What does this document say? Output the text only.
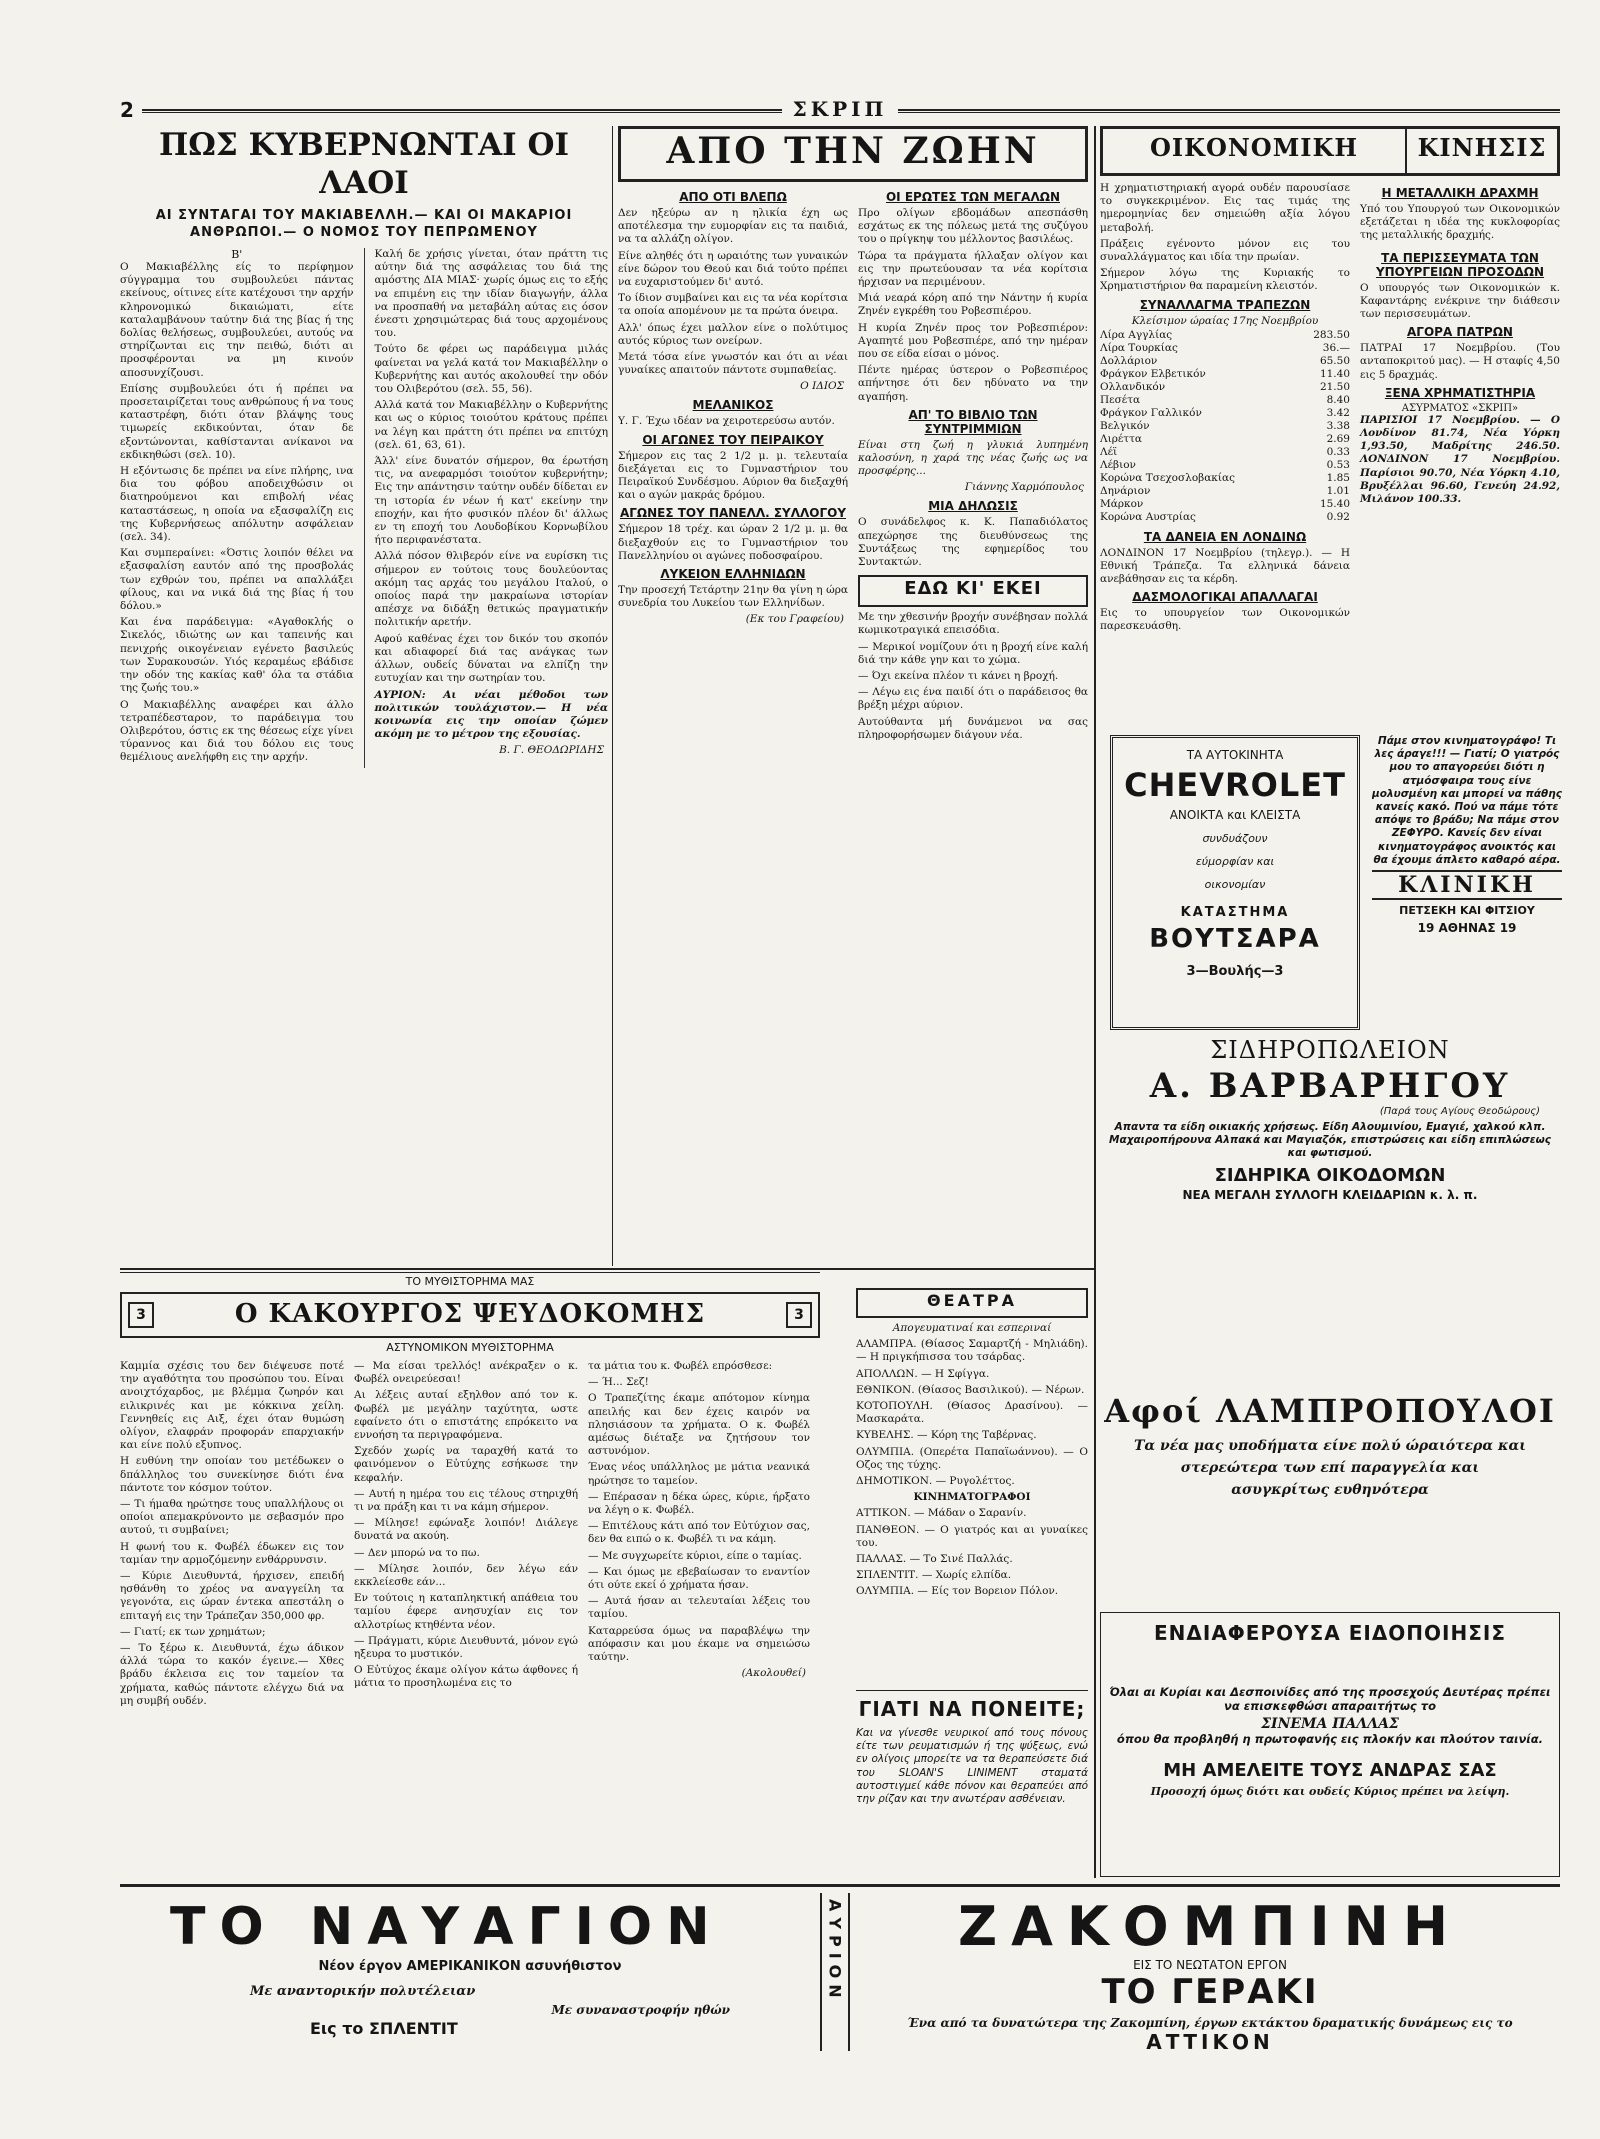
2	ΣΚΡΙΠ
ΠΩΣ ΚΥΒΕΡΝΩΝΤΑΙ ΟΙ ΛΑΟΙ
ΑΙ ΣΥΝΤΑΓΑΙ ΤΟΥ ΜΑΚΙΑΒΕΛΛΗ.— ΚΑΙ ΟΙ ΜΑΚΑΡΙΟΙ
ΑΝΘΡΩΠΟΙ.— Ο ΝΟΜΟΣ ΤΟΥ ΠΕΠΡΩΜΕΝΟΥ
Β'

Ο Μακιαβέλλης είς το περίφημον σύγγραμμα του συμβουλεύει πάντας εκείνους, οίτινες είτε κατέχουσι την αρχήν κληρονομικώ δικαιώματι, είτε καταλαμβάνουν ταύτην διά της βίας ή της δολίας θελήσεως, συμβουλεύει, αυτούς να στηρίζωνται εις την πειθώ, διότι αι προσφέρονται να μη κινούν αποσυνχίζουσι.

Επίσης συμβουλεύει ότι ή πρέπει να προσεταιρίζεται τους ανθρώπους ή να τους καταστρέφη, διότι όταν βλάψης τους τιμωρείς εκδικούνται, όταν δε εξοντώνονται, καθίστανται ανίκανοι να εκδικηθώσι (σελ. 10).

Η εξόντωσις δε πρέπει να είνε πλήρης, ινα δια του φόβου αποδειχθώσιν οι διατηρούμενοι και επιβολή νέας καταστάσεως, η οποία να εξασφαλίζη εις της Κυβερνήσεως απόλυτην ασφάλειαν (σελ. 34).

Και συμπεραίνει: «Όστις λοιπόν θέλει να εξασφαλίση εαυτόν από της προσβολάς των εχθρών του, πρέπει να απαλλάξει φίλους, και να νικά διά της βίας ή του δόλου.»

Και ένα παράδειγμα: «Αγαθοκλής ο Σικελός, ιδιώτης ων και ταπεινής και πενιχρής οικογένειαν εγένετο βασιλεύς των Συρακουσών. Υιός κεραμέως εβάδισε την οδόν της κακίας καθ' όλα τα στάδια της ζωής του.»

Ο Μακιαβέλλης αναφέρει και άλλο τετραπέδεσταρον, το παράδειγμα του Ολιβερότου, όστις εκ της θέσεως είχε γίνει τύραννος και διά του δόλου εις τους θεμέλιους ανελήφθη εις την αρχήν.

Καλή δε χρήσις γίνεται, όταν πράττη τις αύτην διά της ασφάλειας του διά της αμόστης ΔΙΑ ΜΙΑΣ· χωρίς όμως εις το εξής να επιμένη εις την ιδίαν διαγωγήν, άλλα να προσπαθή να μεταβάλη αύτας εις όσον ένεστι χρησιμώτερας διά τους αρχομένους του.

Τούτο δε φέρει ως παράδειγμα μιλάς φαίνεται να γελά κατά τον Μακιαβέλλην ο Κυβερνήτης και αυτός ακολουθεί την οδόν του Ολιβερότου (σελ. 55, 56).

Αλλά κατά τον Μακιαβέλλην ο Κυβερνήτης και ως ο κύριος τοιούτου κράτους πρέπει να λέγη και πράττη ότι πρέπει να επιτύχη (σελ. 61, 63, 61).

Άλλ' είνε δυνατόν σήμερον, θα έρωτήση τις, να ανεφαρμόσι τοιούτον κυβερνήτην; Εις την απάντησιν ταύτην ουδέν δίδεται εν τη ιστορία έν νέων ή κατ' εκείνην την εποχήν, και ήτο φυσικόν πλέον δι' άλλως εν τη εποχή του Λουδοβίκου Κορνωβίλου ήτο περιφανέστατα.

Αλλά πόσον θλιβερόν είνε να ευρίσκη τις σήμερον εν τούτοις τους δουλεύοντας ακόμη τας αρχάς του μεγάλου Ιταλού, ο οποίος παρά την μακραίωνα ιστορίαν απέσχε να διδάξη θετικώς πραγματικήν πολιτικήν αρετήν.

Αφού καθένας έχει τον δικόν του σκοπόν και αδιαφορεί διά τας ανάγκας των άλλων, ουδείς δύναται να ελπίζη την ευτυχίαν και την σωτηρίαν του.

ΑΥΡΙΟΝ: Αι νέαι μέθοδοι των πολιτικών τουλάχιστον.— Η νέα κοινωνία εις την οποίαν ζώμεν ακόμη με το μέτρον της εξουσίας.

Β. Γ. ΘΕΟΔΩΡΙΔΗΣ
ΤΟ ΜΥΘΙΣΤΟΡΗΜΑ ΜΑΣ
3	Ο ΚΑΚΟΥΡΓΟΣ ΨΕΥΔΟΚΟΜΗΣ	3
ΑΣΤΥΝΟΜΙΚΟΝ ΜΥΘΙΣΤΟΡΗΜΑ

Καμμία σχέσις του δεν διέψευσε ποτέ την αγαθότητα του προσώπου του. Είναι ανοιχτόχαρδος, με βλέμμα ζωηρόν και ειλικρινές και με κόκκινα χείλη. Γεννηθείς εις Αιξ, έχει όταν θυμώση ολίγον, ελαφράν προφοράν επαρχιακήν και είνε πολύ εξυπνος.

Η ευθύνη την οποίαν του μετέδωκεν ο δπάλληλος του συνεκίνησε διότι ένα πάντοτε τον κόσμον τούτον.

— Τι ήμαθα ηρώτησε τους υπαλλήλους οι οποίοι απεμακρύνοντο με σεβασμόν προ αυτού, τι συμβαίνει;

Η φωνή του κ. Φωβέλ έδωκεν εις τον ταμίαν την αρμοζόμενην ενθάρρυνσιν.

— Κύριε Διευθυντά, ήρχισεν, επειδή ησθάνθη το χρέος να αναγγείλη τα γεγονότα, εις ώραν έντεκα απεστάλη ο επιταγή εις την Τράπεζαν 350,000 φρ.

— Γιατί; εκ των χρημάτων;

— Το ξέρω κ. Διευθυντά, έχω άδικον άλλά τώρα το κακόν έγεινε.— Χθες βράδυ έκλεισα εις τον ταμείον τα χρήματα, καθώς πάντοτε ελέγχω διά να μη συμβή ουδέν.

— Μα είσαι τρελλός! ανέκραξεν ο κ. Φωβέλ ονειρεύεσαι!

Αι λέξεις αυταί εξηλθον από τον κ. Φωβέλ με μεγάλην ταχύτητα, ωστε εφαίνετο ότι ο επιστάτης επρόκειτο να εννοήση τα περιγραφόμενα.

Σχεδόν χωρίς να ταραχθή κατά το φαινόμενον ο Εὐτύχης εσήκωσε την κεφαλήν.

— Αυτή η ημέρα του εις τέλους στηριχθή τι να πράξη και τι να κάμη σήμερον.

— Μίλησε! εφώναξε λοιπόν! Διάλεγε δυνατά να ακούη.

— Δεν μπορώ να το πω.

— Μίλησε λοιπόν, δεν λέγω εάν εκκλείεσθε εάν...

Εν τούτοις η καταπληκτική απάθεια του ταμίου έφερε ανησυχίαν εις τον αλλοτρίως κτηθέντα νέον.

— Πράγματι, κύριε Διευθυντά, μόνον εγώ ηξευρα το μυστικόν.

Ο Εὐτύχος έκαμε ολίγον κάτω άφθονες ή μάτια το προσηλωμένα εις το

τα μάτια του κ. Φωβέλ επρόσθεσε:

— Ή... Σεζ!

Ο Τραπεζίτης έκαμε απότομον κίνημα απειλής και δεν έχεις καιρόν να πλησιάσουν τα χρήματα. Ο κ. Φωβέλ αμέσως διέταξε να ζητήσουν τον αστυνόμον.

Ένας νέος υπάλληλος με μάτια νεανικά ηρώτησε το ταμείον.

— Επέρασαν η δέκα ώρες, κύριε, ήρξατο να λέγη ο κ. Φωβέλ.

— Επιτέλους κάτι από τον Εὐτύχιον σας, δεν θα ειπώ ο κ. Φωβέλ τι να κάμη.

— Με συγχωρείτε κύριοι, είπε ο ταμίας.

— Και όμως με εβεβαίωσαν το εναντίον ότι ούτε εκεί ό χρήματα ήσαν.

— Αυτά ήσαν αι τελευταίαι λέξεις του ταμίου.

Καταρρεύσα όμως να παραβλέψω την απόφασιν και μου έκαμε να σημειώσω ταύτην.

(Ακολουθεί)
ΑΠΟ ΤΗΝ ΖΩΗΝ
ΑΠΟ ΟΤΙ ΒΛΕΠΩ

Δεν ηξεύρω αν η ηλικία έχη ως αποτέλεσμα την ευμορφίαν εις τα παιδιά, να τα αλλάζη ολίγον.

Είνε αληθές ότι η ωραιότης των γυναικών είνε δώρον του Θεού και διά τούτο πρέπει να ευχαριστούμεν δι' αυτό.

Το ίδιον συμβαίνει και εις τα νέα κορίτσια τα οποία απομένουν με τα πρώτα όνειρα.

Αλλ' όπως έχει μαλλον είνε ο πολύτιμος αυτός κύριος των ονείρων.

Μετά τόσα είνε γνωστόν και ότι αι νέαι γυναίκες απαιτούν πάντοτε συμπαθείας.

Ο ΙΔΙΟΣ
ΜΕΛΑΝΙΚΟΣ

Υ. Γ. Έχω ιδέαν να χειροτερεύσω αυτόν.

ΟΙ ΑΓΩΝΕΣ ΤΟΥ ΠΕΙΡΑΙΚΟΥ

Σήμερον εις τας 2 1/2 μ. μ. τελευταία διεξάγεται εις το Γυμναστήριον του Πειραϊκού Συνδέσμου. Αύριον θα διεξαχθή και ο αγών μακράς δρόμου.

ΑΓΩΝΕΣ ΤΟΥ ΠΑΝΕΛΛ. ΣΥΛΛΟΓΟΥ

Σήμερον 18 τρέχ. και ώραν 2 1/2 μ. μ. θα διεξαχθούν εις το Γυμναστήριον του Πανελληνίου οι αγώνες ποδοσφαίρου.

ΛΥΚΕΙΟΝ ΕΛΛΗΝΙΔΩΝ

Την προσεχή Τετάρτην 21ην θα γίνη η ώρα συνεδρία του Λυκείου των Ελληνίδων.

(Εκ του Γραφείου)
ΟΙ ΕΡΩΤΕΣ ΤΩΝ ΜΕΓΑΛΩΝ

Προ ολίγων εβδομάδων απεσπάσθη εσχάτως εκ της πόλεως μετά της συζύγου του ο πρίγκηψ του μέλλοντος βασιλέως.

Τώρα τα πράγματα ήλλαξαν ολίγον και εις την πρωτεύουσαν τα νέα κορίτσια ήρχισαν να περιμένουν.

Μιά νεαρά κόρη από την Νάντην ή κυρία Ζηνέν εγκρέθη του Ροβεσπιέρου.

Η κυρία Ζηνέν προς τον Ροβεσπιέρον: Αγαπητέ μου Ροβεσπιέρε, από την ημέραν που σε είδα είσαι ο μόνος.

Πέντε ημέρας ύστερον ο Ροβεσπιέρος απήντησε ότι δεν ηδύνατο να την αγαπήση.

ΑΠ' ΤΟ ΒΙΒΛΙΟ ΤΩΝ ΣΥΝΤΡΙΜΜΙΩΝ

Είναι στη ζωή η γλυκιά λυπημένη καλοσύνη, η χαρά της νέας ζωής ως να προσφέρης...

Γιάννης Χαρμόπουλος
ΜΙΑ ΔΗΛΩΣΙΣ

Ο συνάδελφος κ. Κ. Παπαδιόλατος απεχώρησε της διευθύνσεως της Συντάξεως της εφημερίδος του Συντακτών.

ΕΔΩ ΚΙ' ΕΚΕΙ

Με την χθεσινήν βροχήν συνέβησαν πολλά κωμικοτραγικά επεισόδια.

— Μερικοί νομίζουν ότι η βροχή είνε καλή διά την κάθε γην και το χώμα.

— Όχι εκείνα πλέον τι κάνει η βροχή.

— Λέγω εις ένα παιδί ότι ο παράδεισος θα βρέξη μέχρι αύριον.

Αυτούθαντα μή δυνάμενοι να σας πληροφορήσωμεν διάγουν νέα.

ΘΕΑΤΡΑ

Απογευματιναί και εσπεριναί

ΑΛΑΜΠΡΑ. (Θίασος Σαμαρτζή - Μηλιάδη). — Η πριγκήπισσα του τσάρδας.

ΑΠΟΛΛΩΝ. — Η Σφίγγα.

ΕΘΝΙΚΟΝ. (Θίασος Βασιλικού). — Νέρων.

ΚΟΤΟΠΟΥΛΗ. (Θίασος Δρασίνου). — Μασκαράτα.

ΚΥΒΕΛΗΣ. — Κόρη της Ταβέρνας.

ΟΛΥΜΠΙΑ. (Οπερέτα Παπαϊωάννου). — Ο Οζος της τύχης.

ΔΗΜΟΤΙΚΟΝ. — Ρυγολέττος.

ΚΙΝΗΜΑΤΟΓΡΑΦΟΙ

ΑΤΤΙΚΟΝ. — Μάδαν ο Σαρανίν.

ΠΑΝΘΕΟΝ. — Ο γιατρός και αι γυναίκες του.

ΠΑΛΛΑΣ. — Το Σινέ Παλλάς.

ΣΠΛΕΝΤΙΤ. — Χωρίς ελπίδα.

ΟΛΥΜΠΙΑ. — Είς τον Βορειον Πόλον.

ΓΙΑΤΙ ΝΑ ΠΟΝΕΙΤΕ;

Και να γίνεσθε νευρικοί από τους πόνους είτε των ρευματισμών ή της ψύξεως, ενώ εν ολίγοις μπορείτε να τα θεραπεύσετε διά του SLOAN'S LINIMENT σταματά αυτοστιγμεί κάθε πόνον και θεραπεύει από την ρίζαν και την ανωτέραν ασθένειαν.

ΟΙΚΟΝΟΜΙΚΗ	ΚΙΝΗΣΙΣ

Η χρηματιστηριακή αγορά ουδέν παρουσίασε το συγκεκριμένον. Εις τας τιμάς της ημερομηνίας δεν σημειώθη αξία λόγου μεταβολή.

Πράξεις εγένοντο μόνον εις του συναλλάγματος και ιδία την πρωίαν.

Σήμερον λόγω της Κυριακής το Χρηματιστήριον θα παραμείνη κλειστόν.

ΣΥΝΑΛΛΑΓΜΑ ΤΡΑΠΕΖΩΝ
Κλείσιμον ώραίας 17ης Νοεμβρίου
Λίρα Αγγλίας	283.50
Λίρα Τουρκίας	36.—
Δολλάριον	65.50
Φράγκον Ελβετικόν	11.40
Ολλανδικόν	21.50
Πεσέτα	8.40
Φράγκον Γαλλικόν	3.42
Βελγικόν	3.38
Λιρέττα	2.69
Λέϊ	0.33
Λέβιον	0.53
Κορώνα Τσεχοσλοβακίας	1.85
Δηνάριον	1.01
Μάρκον	15.40
Κορώνα Αυστρίας	0.92
ΤΑ ΔΑΝΕΙΑ ΕΝ ΛΟΝΔΙΝΩ

ΛΟΝΔΙΝΟΝ 17 Νοεμβρίου (τηλεγρ.). — Η Εθνική Τράπεζα. Τα ελληνικά δάνεια ανεβάθησαν εις τα κέρδη.

ΔΑΣΜΟΛΟΓΙΚΑΙ ΑΠΑΛΛΑΓΑΙ

Εις το υπουργείον των Οικονομικών παρεσκευάσθη.

Η ΜΕΤΑΛΛΙΚΗ ΔΡΑΧΜΗ

Υπό του Υπουργού των Οικονομικών εξετάζεται η ιδέα της κυκλοφορίας της μεταλλικής δραχμής.

ΤΑ ΠΕΡΙΣΣΕΥΜΑΤΑ ΤΩΝ ΥΠΟΥΡΓΕΙΩΝ ΠΡΟΣΟΔΩΝ

Ο υπουργός των Οικονομικών κ. Καφαντάρης ενέκρινε την διάθεσιν των περισσευμάτων.

ΑΓΟΡΑ ΠΑΤΡΩΝ

ΠΑΤΡΑΙ 17 Νοεμβρίου. (Του ανταποκριτού μας). — Η σταφίς 4,50 εις 5 δραχμάς.

ΞΕΝΑ ΧΡΗΜΑΤΙΣΤΗΡΙΑ
ΑΣΥΡΜΑΤΟΣ «ΣΚΡΙΠ»

ΠΑΡΙΣΙΟΙ 17 Νοεμβρίου. — Ο Λονδίνον 81.74, Νέα Υόρκη 1,93.50, Μαδρίτης 246.50. ΛΟΝΔΙΝΟΝ 17 Νοεμβρίου. Παρίσιοι 90.70, Νέα Υόρκη 4.10, Βρυξέλλαι 96.60, Γενεύη 24.92, Μιλάνον 100.33.

ΤΑ ΑΥΤΟΚΙΝΗΤΑ
CHEVROLET
ΑΝΟΙΚΤΑ και ΚΛΕΙΣΤΑ
συνδυάζουν
εύμορφίαν και
οικονομίαν
ΚΑΤΑΣΤΗΜΑ
ΒΟΥΤΣΑΡΑ
3—Βουλής—3

Πάμε στον κινηματογράφο! Τι λες άραγε!!! — Γιατί; Ο γιατρός μου το απαγορεύει διότι η ατμόσφαιρα τους είνε μολυσμένη και μπορεί να πάθης κανείς κακό. Πού να πάμε τότε απόψε το βράδυ; Να πάμε στον ΖΕΦΥΡΟ. Κανείς δεν είναι κινηματογράφος ανοικτός και θα έχουμε άπλετο καθαρό αέρα.

ΚΛΙΝΙΚΗ
ΠΕΤΣΕΚΗ ΚΑΙ ΦΙΤΣΙΟΥ
19 ΑΘΗΝΑΣ 19
ΣΙΔΗΡΟΠΩΛΕΙΟΝ
Α. ΒΑΡΒΑΡΗΓΟΥ
(Παρά τους Αγίους Θεοδώρους)

Απαντα τα είδη οικιακής χρήσεως. Είδη Αλουμινίου, Εμαγιέ, χαλκού κλπ. Μαχαιροπήρουνα Αλπακά και Μαγιαζόκ, επιστρώσεις και είδη επιπλώσεως και φωτισμού.

ΣΙΔΗΡΙΚΑ ΟΙΚΟΔΟΜΩΝ
ΝΕΑ ΜΕΓΑΛΗ ΣΥΛΛΟΓΗ ΚΛΕΙΔΑΡΙΩΝ κ. λ. π.
Αφοί ΛΑΜΠΡΟΠΟΥΛΟΙ
Τα νέα μας υποδήματα είνε πολύ ώραιότερα και
στερεώτερα των επί παραγγελία και
ασυγκρίτως ευθηνότερα
ΕΝΔΙΑΦΕΡΟΥΣΑ ΕΙΔΟΠΟΙΗΣΙΣ

Όλαι αι Κυρίαι και Δεσποινίδες από της προσεχούς Δευτέρας πρέπει να επισκεφθώσι απαραιτήτως το

ΣΙΝΕΜΑ ΠΑΛΛΑΣ

όπου θα προβληθή η πρωτοφανής εις πλοκήν και πλούτον ταινία.

ΜΗ ΑΜΕΛΕΙΤΕ ΤΟΥΣ ΑΝΔΡΑΣ ΣΑΣ
Προσοχή όμως διότι και ουδείς Κύριος πρέπει να λείψη.
ΤΟ ΝΑΥΑΓΙΟΝ
Νέον έργον ΑΜΕΡΙΚΑΝΙΚΟΝ ασυνήθιστον
Με αναντορικήν πολυτέλειαν
Με συναναστροφήν ηθών
Εις το ΣΠΛΕΝΤΙΤ
ΑΥΡΙΟΝ	ΖΑΚΟΜΠΙΝΗ
ΕΙΣ ΤΟ ΝΕΩΤΑΤΟΝ ΕΡΓΟΝ
ΤΟ ΓΕΡΑΚΙ
Ένα από τα δυνατώτερα της Ζακομπίνη, έργων εκτάκτου δραματικής δυνάμεως εις το
ΑΤΤΙΚΟΝ
